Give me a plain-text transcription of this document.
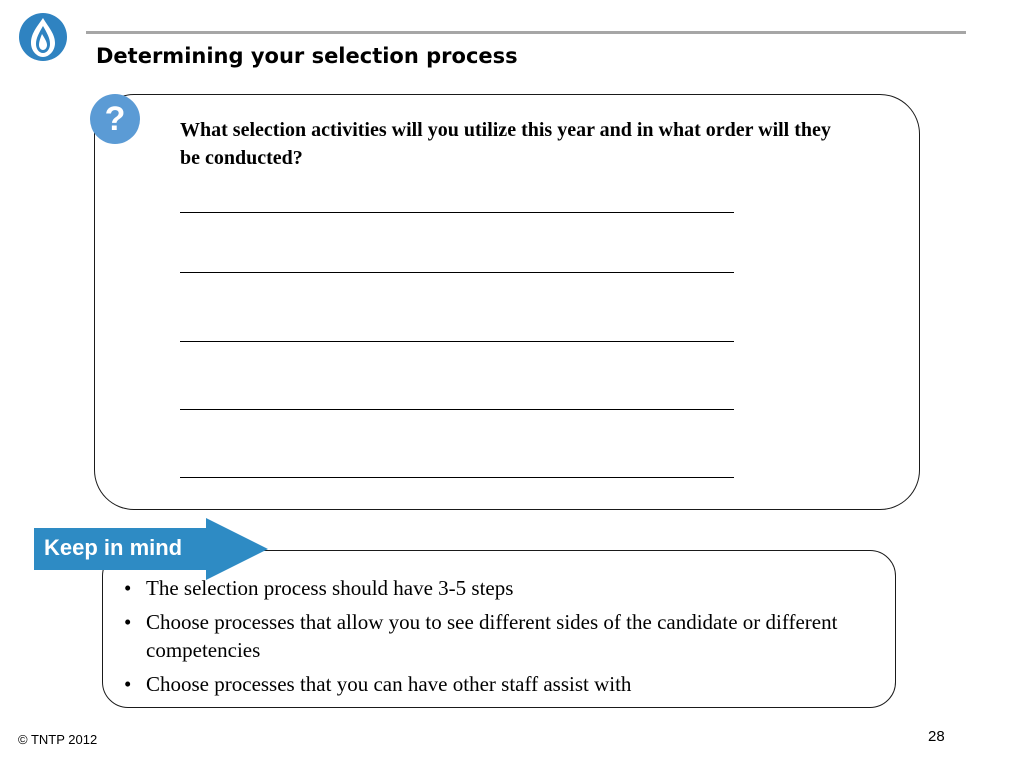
Determining your selection process
?	What selection activities will you utilize this year and in what order will they be conducted?
Keep in mind
• The selection process should have 3-5 steps
• Choose processes that allow you to see different sides of the candidate or different competencies
• Choose processes that you can have other staff assist with
© TNTP 2012	28
